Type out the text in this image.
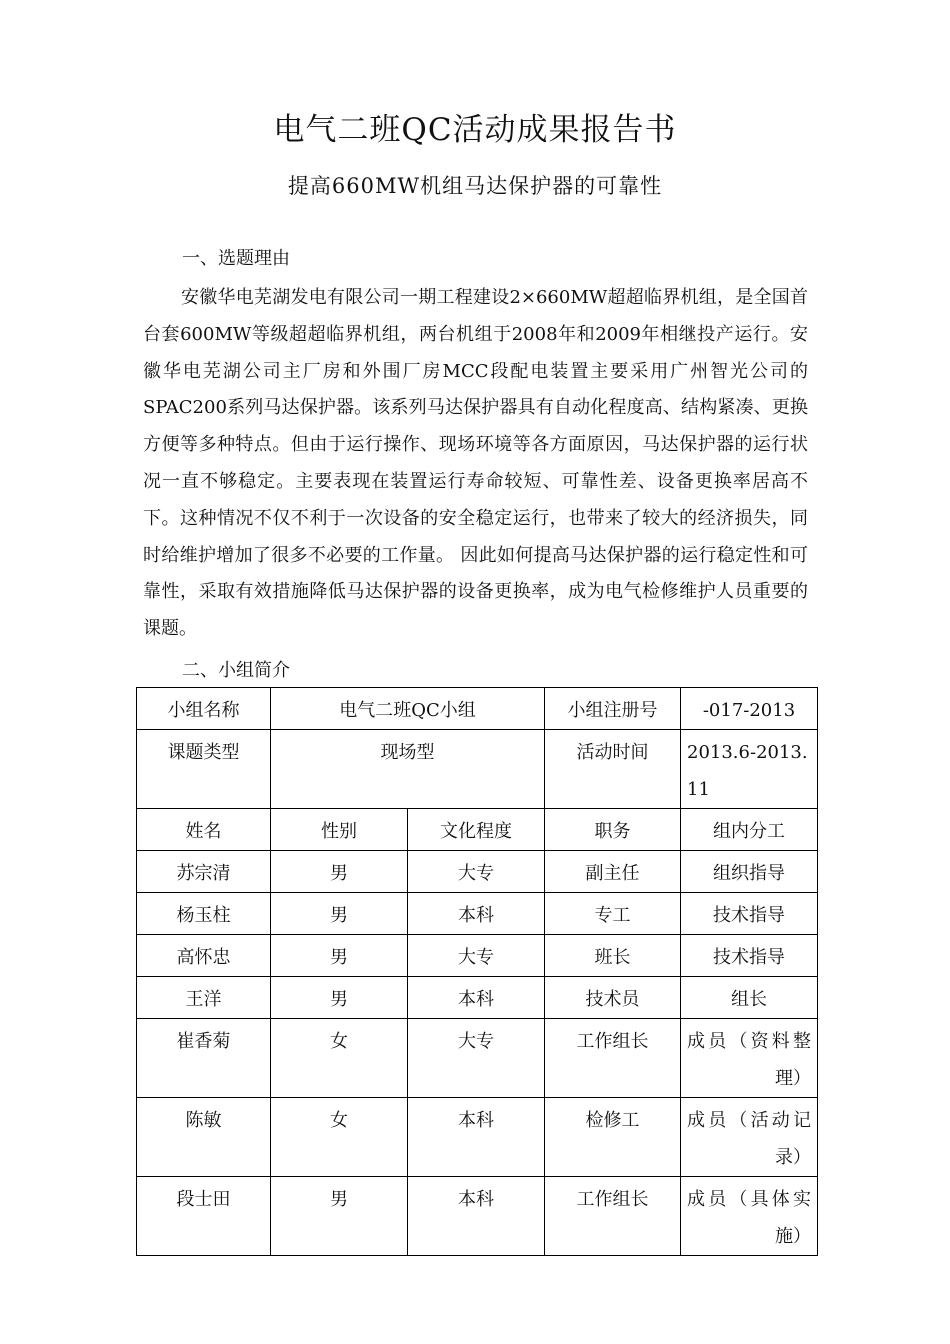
电气二班QC活动成果报告书
提高660MW机组马达保护器的可靠性
一、选题理由
安徽华电芜湖发电有限公司一期工程建设2×660MW超超临界机组，是全国首台套600MW等级超超临界机组，两台机组于2008年和2009年相继投产运行。安徽华电芜湖公司主厂房和外围厂房MCC段配电装置主要采用广州智光公司的SPAC200系列马达保护器。该系列马达保护器具有自动化程度高、结构紧凑、更换方便等多种特点。但由于运行操作、现场环境等各方面原因，马达保护器的运行状况一直不够稳定。主要表现在装置运行寿命较短、可靠性差、设备更换率居高不下。这种情况不仅不利于一次设备的安全稳定运行，也带来了较大的经济损失，同时给维护增加了很多不必要的工作量。 因此如何提高马达保护器的运行稳定性和可靠性，采取有效措施降低马达保护器的设备更换率，成为电气检修维护人员重要的课题。
二、小组简介
小组名称	电气二班QC小组		小组注册号	-017-2013
课题类型	现场型		活动时间	2013.6-2013.11
姓名	性别	文化程度	职务	组内分工
苏宗清	男	大专	副主任	组织指导
杨玉柱	男	本科	专工	技术指导
高怀忠	男	大专	班长	技术指导
王洋	男	本科	技术员	组长
崔香菊	女	大专	工作组长	成员（资料整理）
陈敏	女	本科	检修工	成员（活动记录）
段士田	男	本科	工作组长	成员（具体实施）
